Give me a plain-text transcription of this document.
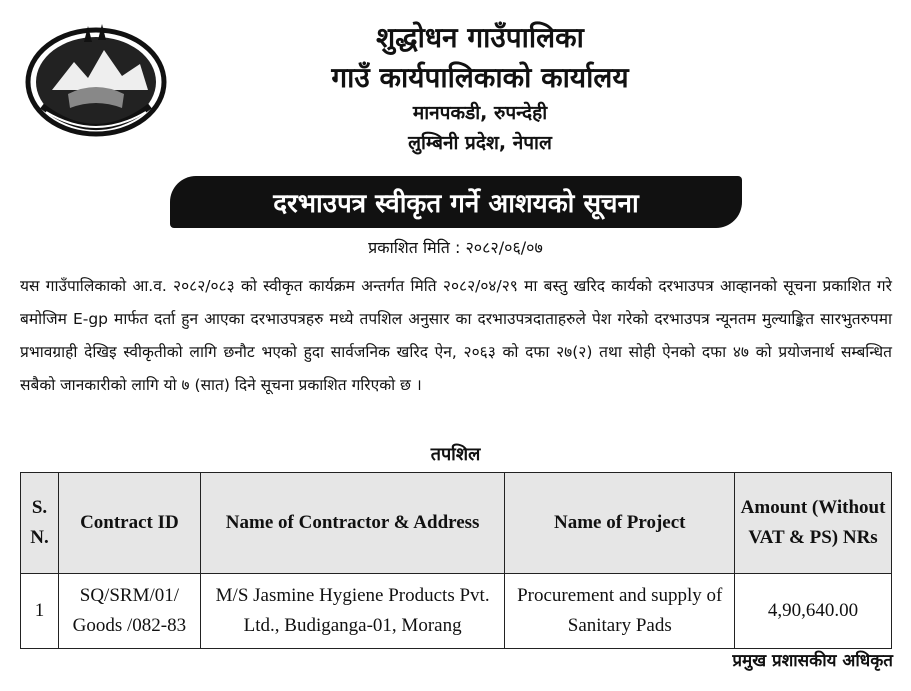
शुद्धोधन गाउँपालिका
गाउँ कार्यपालिकाको कार्यालय
मानपकडी, रुपन्देही
लुम्बिनी प्रदेश, नेपाल
दरभाउपत्र स्वीकृत गर्ने आशयको सूचना
प्रकाशित मिति : २०८२/०६/०७
यस गाउँपालिकाको आ.व. २०८२/०८३ को स्वीकृत कार्यक्रम अन्तर्गत मिति २०८२/०४/२९ मा बस्तु खरिद कार्यको दरभाउपत्र आव्हानको सूचना प्रकाशित गरे बमोजिम E-gp मार्फत दर्ता हुन आएका दरभाउपत्रहरु मध्ये तपशिल अनुसार का दरभाउपत्रदाताहरुले पेश गरेको दरभाउपत्र न्यूनतम मुल्याङ्कित सारभुतरुपमा प्रभावग्राही देखिइ स्वीकृतीको लागि छनौट भएको हुदा सार्वजनिक खरिद ऐन, २०६३ को दफा २७(२) तथा सोही ऐनको दफा ४७ को प्रयोजनार्थ सम्बन्धित सबैको जानकारीको लागि यो ७ (सात) दिने सूचना प्रकाशित गरिएको छ ।
तपशिल
S. N.	Contract ID	Name of Contractor & Address	Name of Project	Amount (Without VAT & PS) NRs
1	SQ/SRM/01/ Goods /082-83	M/S Jasmine Hygiene Products Pvt. Ltd., Budiganga-01, Morang	Procurement and supply of Sanitary Pads	4,90,640.00
प्रमुख प्रशासकीय अधिकृत
